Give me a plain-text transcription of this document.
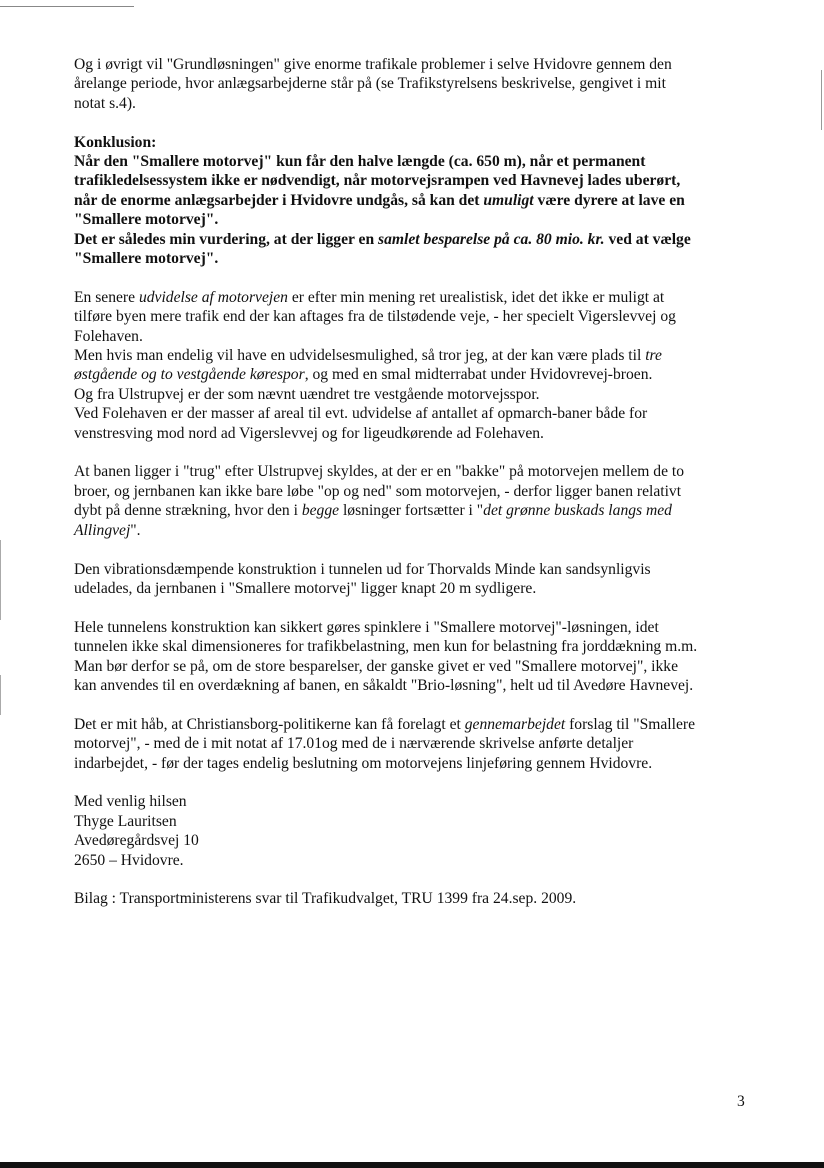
Og i øvrigt vil "Grundløsningen" give enorme trafikale problemer i selve Hvidovre gennem den
årelange periode, hvor anlægsarbejderne står på (se Trafikstyrelsens beskrivelse, gengivet i mit
notat s.4).

Konklusion:
Når den "Smallere motorvej" kun får den halve længde (ca. 650 m), når et permanent
trafikledelsessystem ikke er nødvendigt, når motorvejsrampen ved Havnevej lades uberørt,
når de enorme anlægsarbejder i Hvidovre undgås, så kan det umuligt være dyrere at lave en
"Smallere motorvej".
Det er således min vurdering, at der ligger en samlet besparelse på ca. 80 mio. kr. ved at vælge
"Smallere motorvej".

En senere udvidelse af motorvejen er efter min mening ret urealistisk, idet det ikke er muligt at
tilføre byen mere trafik end der kan aftages fra de tilstødende veje, - her specielt Vigerslevvej og
Folehaven.
Men hvis man endelig vil have en udvidelsesmulighed, så tror jeg, at der kan være plads til tre
østgående og to vestgående kørespor, og med en smal midterrabat under Hvidovrevej-broen.
Og fra Ulstrupvej er der som nævnt uændret tre vestgående motorvejsspor.
Ved Folehaven er der masser af areal til evt. udvidelse af antallet af opmarch-baner både for
venstresving mod nord ad Vigerslevvej og for ligeudkørende ad Folehaven.

At banen ligger i "trug" efter Ulstrupvej skyldes, at der er en "bakke" på motorvejen mellem de to
broer, og jernbanen kan ikke bare løbe "op og ned" som motorvejen, - derfor ligger banen relativt
dybt på denne strækning, hvor den i begge løsninger fortsætter i "det grønne buskads langs med
Allingvej".

Den vibrationsdæmpende konstruktion i tunnelen ud for Thorvalds Minde kan sandsynligvis
udelades, da jernbanen i "Smallere motorvej" ligger knapt 20 m sydligere.

Hele tunnelens konstruktion kan sikkert gøres spinklere i "Smallere motorvej"-løsningen, idet
tunnelen ikke skal dimensioneres for trafikbelastning, men kun for belastning fra jorddækning m.m.
Man bør derfor se på, om de store besparelser, der ganske givet er ved "Smallere motorvej", ikke
kan anvendes til en overdækning af banen, en såkaldt "Brio-løsning", helt ud til Avedøre Havnevej.

Det er mit håb, at Christiansborg-politikerne kan få forelagt et gennemarbejdet forslag til "Smallere
motorvej", - med de i mit notat af 17.01og med de i nærværende skrivelse anførte detaljer
indarbejdet, - før der tages endelig beslutning om motorvejens linjeføring gennem Hvidovre.

Med venlig hilsen
Thyge Lauritsen
Avedøregårdsvej 10
2650 – Hvidovre.

Bilag : Transportministerens svar til Trafikudvalget, TRU 1399 fra 24.sep. 2009.

3
